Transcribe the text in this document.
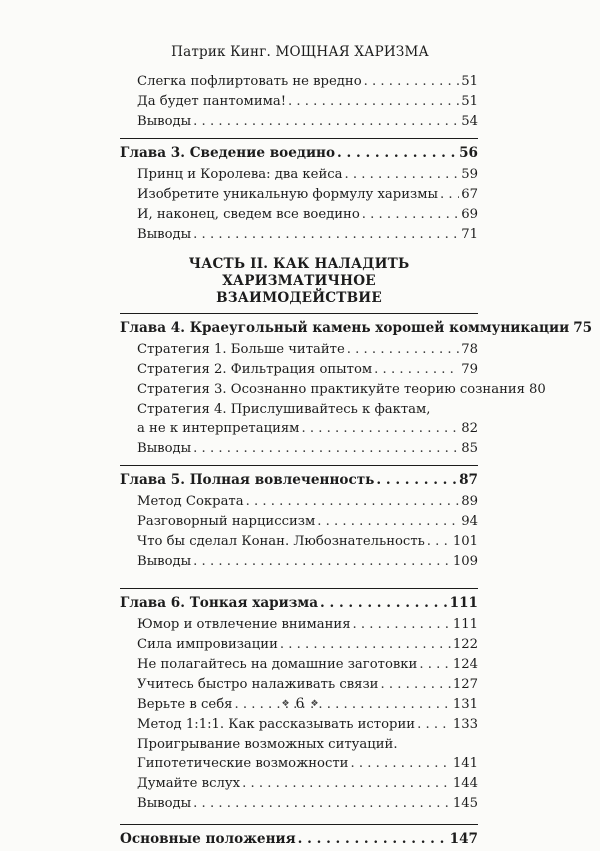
Патрик Кинг. МОЩНАЯ ХАРИЗМА
Слегка пофлиртовать не вредно . . .	51
Да будет пантомима! . . .	51
Выводы . . .	54
Глава 3. Сведение воедино . . .	56
Принц и Королева: два кейса . . .	59
Изобретите уникальную формулу харизмы . . . 67
И, наконец, сведем все воедино . . .	69
Выводы . . .	71
ЧАСТЬ II. КАК НАЛАДИТЬ ХАРИЗМАТИЧНОЕ
ВЗАИМОДЕЙСТВИЕ
Глава 4. Краеугольный камень хорошей коммуникации 75
Стратегия 1. Больше читайте . . .	78
Стратегия 2. Фильтрация опытом . . .	79
Стратегия 3. Осознанно практикуйте теорию сознания 80
Стратегия 4. Прислушивайтесь к фактам,
а не к интерпретациям . . .	82
Выводы . . .	85
Глава 5. Полная вовлеченность . . .	87
Метод Сократа . . .	89
Разговорный нарциссизм . . .	94
Что бы сделал Конан. Любознательность . . . 101
Выводы . . .	109
Глава 6. Тонкая харизма . . .	111
Юмор и отвлечение внимания . . .	111
Сила импровизации . . .	122
Не полагайтесь на домашние заготовки . . .	124
Учитесь быстро налаживать связи . . .	127
Верьте в себя . . .	131
Метод 1:1:1. Как рассказывать истории . . .	133
Проигрывание возможных ситуаций.
Гипотетические возможности . . .	141
Думайте вслух . . .	144
Выводы . . .	145
Основные положения . . .	147
❖ 6 ❖
